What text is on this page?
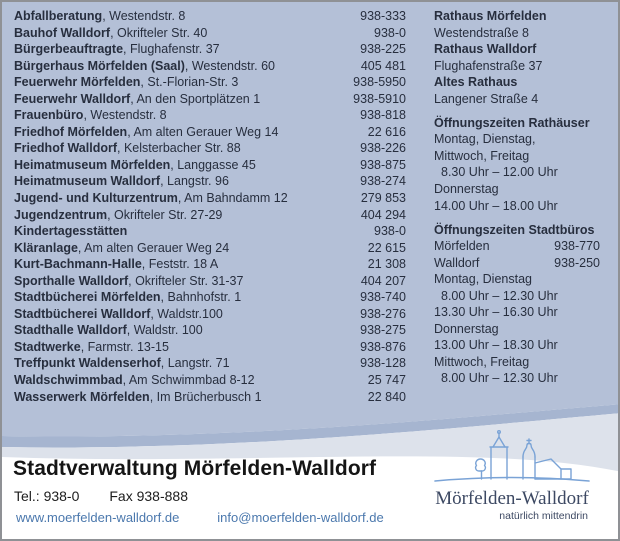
Abfallberatung , Westendstr. 8	938-333
Bauhof Walldorf , Okrifteler Str. 40	938-0
Bürgerbeauftragte , Flughafenstr. 37	938-225
Bürgerhaus Mörfelden (Saal) , Westendstr. 60	405 481
Feuerwehr Mörfelden , St.-Florian-Str. 3	938-5950
Feuerwehr Walldorf , An den Sportplätzen 1	938-5910
Frauenbüro , Westendstr. 8	938-818
Friedhof Mörfelden , Am alten Gerauer Weg 14	22 616
Friedhof Walldorf , Kelsterbacher Str. 88	938-226
Heimatmuseum Mörfelden , Langgasse 45	938-875
Heimatmuseum Walldorf , Langstr. 96	938-274
Jugend- und Kulturzentrum , Am Bahndamm 12	279 853
Jugendzentrum , Okrifteler Str. 27-29	404 294
Kindertagesstätten	938-0
Kläranlage , Am alten Gerauer Weg 24	22 615
Kurt-Bachmann-Halle , Feststr. 18 A	21 308
Sporthalle Walldorf , Okrifteler Str. 31-37	404 207
Stadtbücherei Mörfelden , Bahnhofstr. 1	938-740
Stadtbücherei Walldorf , Waldstr.100	938-276
Stadthalle Walldorf , Waldstr. 100	938-275
Stadtwerke , Farmstr. 13-15	938-876
Treffpunkt Waldenserhof , Langstr. 71	938-128
Waldschwimmbad , Am Schwimmbad 8-12	25 747
Wasserwerk Mörfelden , Im Brücherbusch 1	22 840
Rathaus Mörfelden
Westendstraße 8
Rathaus Walldorf
Flughafenstraße 37
Altes Rathaus
Langener Straße 4
Öffnungszeiten Rathäuser
Montag, Dienstag,
Mittwoch, Freitag
8.30 Uhr – 12.00 Uhr
Donnerstag
14.00 Uhr – 18.00 Uhr
Öffnungszeiten Stadtbüros
Mörfelden	938-770
Walldorf	938-250
Montag, Dienstag
8.00 Uhr – 12.30 Uhr
13.30 Uhr – 16.30 Uhr
Donnerstag
13.00 Uhr – 18.30 Uhr
Mittwoch, Freitag
8.00 Uhr – 12.30 Uhr
Stadtverwaltung Mörfelden-Walldorf
Tel.: 938-0 Fax 938-888
www.moerfelden-walldorf.de	info@moerfelden-walldorf.de
Mörfelden-Walldorf
natürlich mittendrin
